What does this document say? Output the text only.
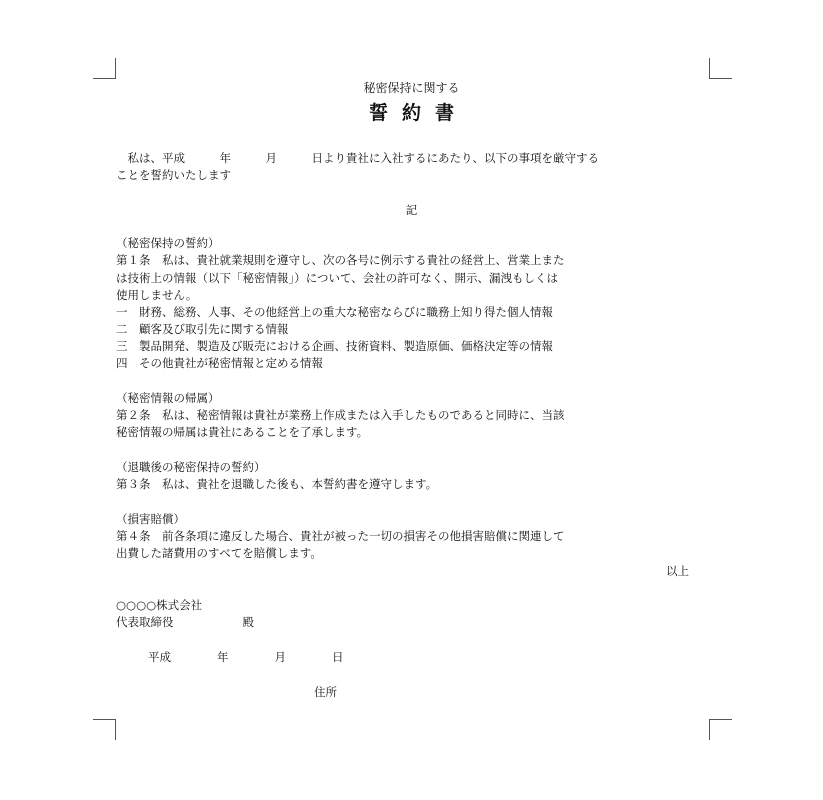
秘密保持に関する
誓約書
　私は、平成　　　年　　　月　　　日より貴社に入社するにあたり、以下の事項を厳守する
ことを誓約いたします
記
（秘密保持の誓約）
第１条　私は、貴社就業規則を遵守し、次の各号に例示する貴社の経営上、営業上また
は技術上の情報（以下「秘密情報」）について、会社の許可なく、開示、漏洩もしくは
使用しません。
一　財務、総務、人事、その他経営上の重大な秘密ならびに職務上知り得た個人情報
二　顧客及び取引先に関する情報
三　製品開発、製造及び販売における企画、技術資料、製造原価、価格決定等の情報
四　その他貴社が秘密情報と定める情報
（秘密情報の帰属）
第２条　私は、秘密情報は貴社が業務上作成または入手したものであると同時に、当該
秘密情報の帰属は貴社にあることを了承します。
（退職後の秘密保持の誓約）
第３条　私は、貴社を退職した後も、本誓約書を遵守します。
（損害賠償）
第４条　前各条項に違反した場合、貴社が被った一切の損害その他損害賠償に関連して
出費した諸費用のすべてを賠償します。
以上
○○○○株式会社
代表取締役　　　　　　殿
平成　　　　年　　　　月　　　　日
住所
